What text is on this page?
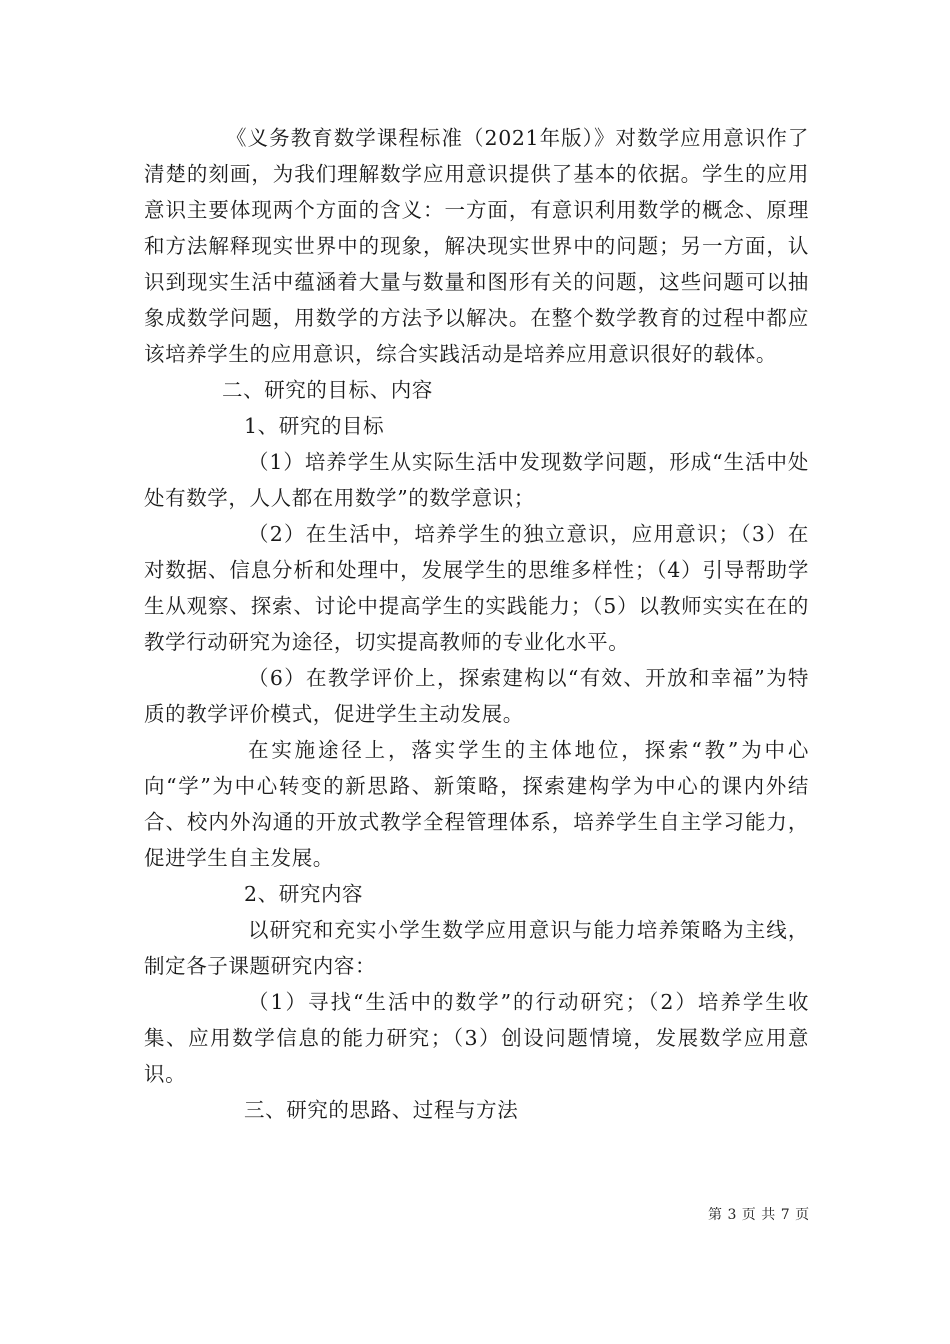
《义务教育数学课程标准（2021年版）》对数学应用意识作了清楚的刻画，为我们理解数学应用意识提供了基本的依据。学生的应用意识主要体现两个方面的含义：一方面，有意识利用数学的概念、原理和方法解释现实世界中的现象，解决现实世界中的问题；另一方面，认识到现实生活中蕴涵着大量与数量和图形有关的问题，这些问题可以抽象成数学问题，用数学的方法予以解决。在整个数学教育的过程中都应该培养学生的应用意识，综合实践活动是培养应用意识很好的载体。

二、研究的目标、内容

1、研究的目标

（1）培养学生从实际生活中发现数学问题，形成“生活中处处有数学，人人都在用数学”的数学意识；

（2）在生活中，培养学生的独立意识，应用意识；（3）在对数据、信息分析和处理中，发展学生的思维多样性；（4）引导帮助学生从观察、探索、讨论中提高学生的实践能力；（5）以教师实实在在的教学行动研究为途径，切实提高教师的专业化水平。

（6）在教学评价上，探索建构以“有效、开放和幸福”为特质的教学评价模式，促进学生主动发展。

在实施途径上，落实学生的主体地位，探索“教”为中心向“学”为中心转变的新思路、新策略，探索建构学为中心的课内外结合、校内外沟通的开放式教学全程管理体系，培养学生自主学习能力，促进学生自主发展。

2、研究内容

以研究和充实小学生数学应用意识与能力培养策略为主线，制定各子课题研究内容：

（1）寻找“生活中的数学”的行动研究；（2）培养学生收集、应用数学信息的能力研究；（3）创设问题情境，发展数学应用意识。

三、研究的思路、过程与方法

第 3 页 共 7 页
